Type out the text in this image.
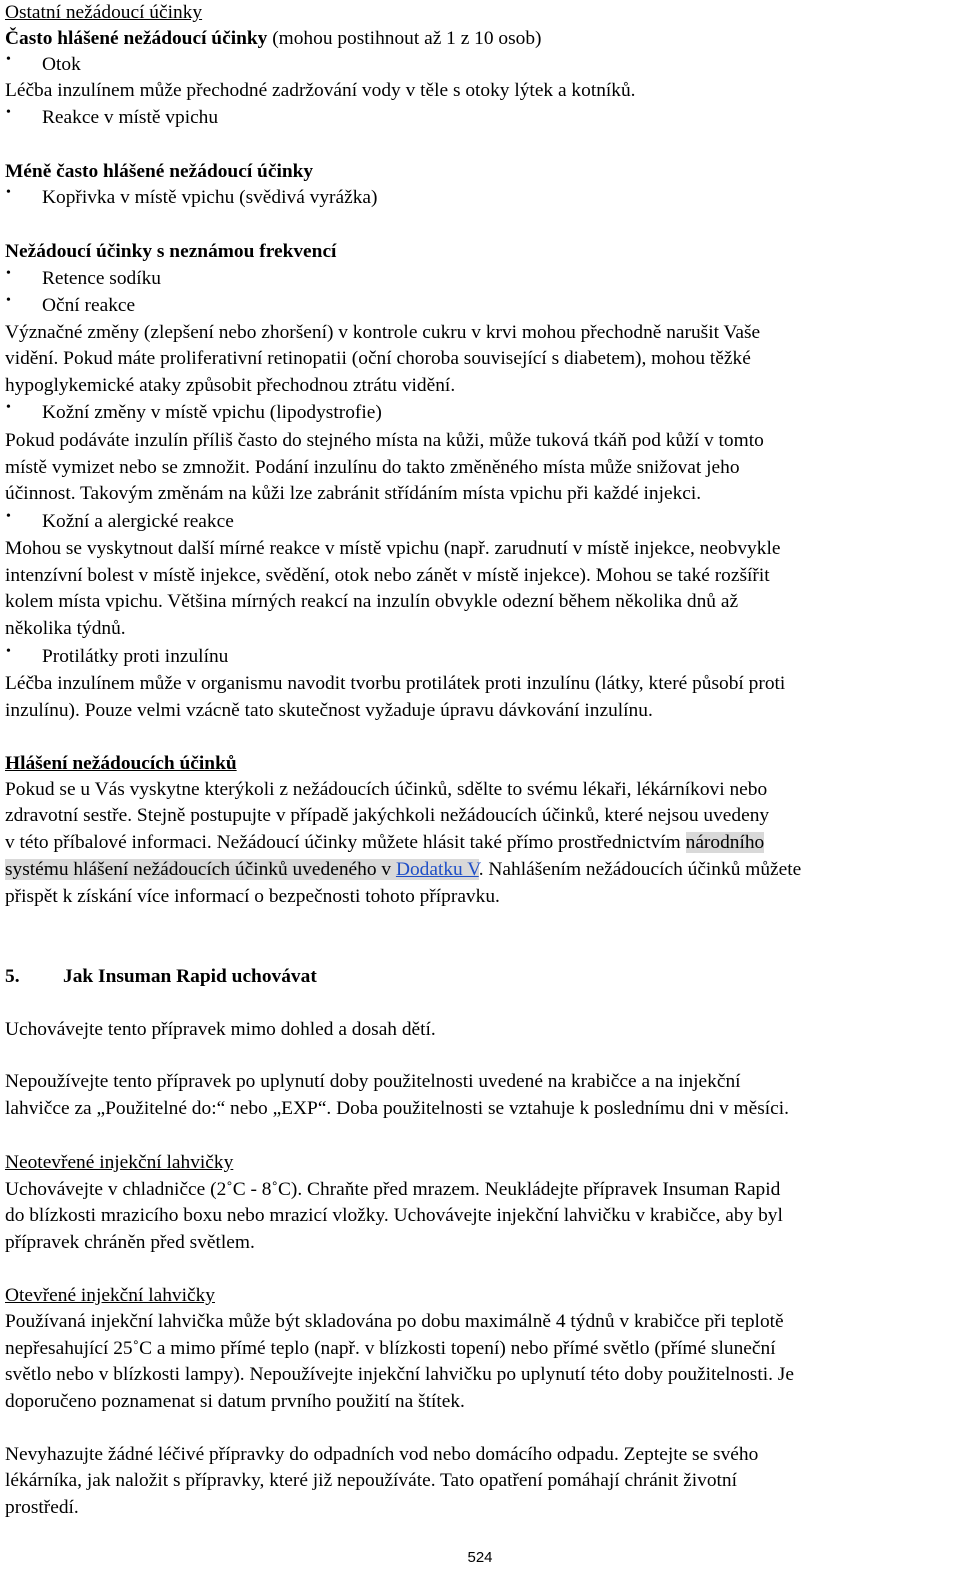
Ostatní nežádoucí účinky
Často hlášené nežádoucí účinky (mohou postihnout až 1 z 10 osob)
•
Otok
Léčba inzulínem může přechodné zadržování vody v těle s otoky lýtek a kotníků.
•
Reakce v místě vpichu
Méně často hlášené nežádoucí účinky
•
Kopřivka v místě vpichu (svědivá vyrážka)
Nežádoucí účinky s neznámou frekvencí
•
Retence sodíku
•
Oční reakce
Význačné změny (zlepšení nebo zhoršení) v kontrole cukru v krvi mohou přechodně narušit Vaše
vidění. Pokud máte proliferativní retinopatii (oční choroba související s diabetem), mohou těžké
hypoglykemické ataky způsobit přechodnou ztrátu vidění.
•
Kožní změny v místě vpichu (lipodystrofie)
Pokud podáváte inzulín příliš často do stejného místa na kůži, může tuková tkáň pod kůží v tomto
místě vymizet nebo se zmnožit. Podání inzulínu do takto změněného místa může snižovat jeho
účinnost. Takovým změnám na kůži lze zabránit střídáním místa vpichu při každé injekci.
•
Kožní a alergické reakce
Mohou se vyskytnout další mírné reakce v místě vpichu (např. zarudnutí v místě injekce, neobvykle
intenzívní bolest v místě injekce, svědění, otok nebo zánět v místě injekce). Mohou se také rozšířit
kolem místa vpichu. Většina mírných reakcí na inzulín obvykle odezní během několika dnů až
několika týdnů.
•
Protilátky proti inzulínu
Léčba inzulínem může v organismu navodit tvorbu protilátek proti inzulínu (látky, které působí proti
inzulínu). Pouze velmi vzácně tato skutečnost vyžaduje úpravu dávkování inzulínu.
Hlášení nežádoucích účinků
Pokud se u Vás vyskytne kterýkoli z nežádoucích účinků, sdělte to svému lékaři, lékárníkovi nebo
zdravotní sestře. Stejně postupujte v případě jakýchkoli nežádoucích účinků, které nejsou uvedeny
v této příbalové informaci. Nežádoucí účinky můžete hlásit také přímo prostřednictvím národního
systému hlášení nežádoucích účinků uvedeného v Dodatku V. Nahlášením nežádoucích účinků můžete
přispět k získání více informací o bezpečnosti tohoto přípravku.
5. Jak Insuman Rapid uchovávat
Uchovávejte tento přípravek mimo dohled a dosah dětí.
Nepoužívejte tento přípravek po uplynutí doby použitelnosti uvedené na krabičce a na injekční
lahvičce za „Použitelné do:“ nebo „EXP“. Doba použitelnosti se vztahuje k poslednímu dni v měsíci.
Neotevřené injekční lahvičky
Uchovávejte v chladničce (2˚C - 8˚C). Chraňte před mrazem. Neukládejte přípravek Insuman Rapid
do blízkosti mrazicího boxu nebo mrazicí vložky. Uchovávejte injekční lahvičku v krabičce, aby byl
přípravek chráněn před světlem.
Otevřené injekční lahvičky
Používaná injekční lahvička může být skladována po dobu maximálně 4 týdnů v krabičce při teplotě
nepřesahující 25˚C a mimo přímé teplo (např. v blízkosti topení) nebo přímé světlo (přímé sluneční
světlo nebo v blízkosti lampy). Nepoužívejte injekční lahvičku po uplynutí této doby použitelnosti. Je
doporučeno poznamenat si datum prvního použití na štítek.
Nevyhazujte žádné léčivé přípravky do odpadních vod nebo domácího odpadu. Zeptejte se svého
lékárníka, jak naložit s přípravky, které již nepoužíváte. Tato opatření pomáhají chránit životní
prostředí.
524
